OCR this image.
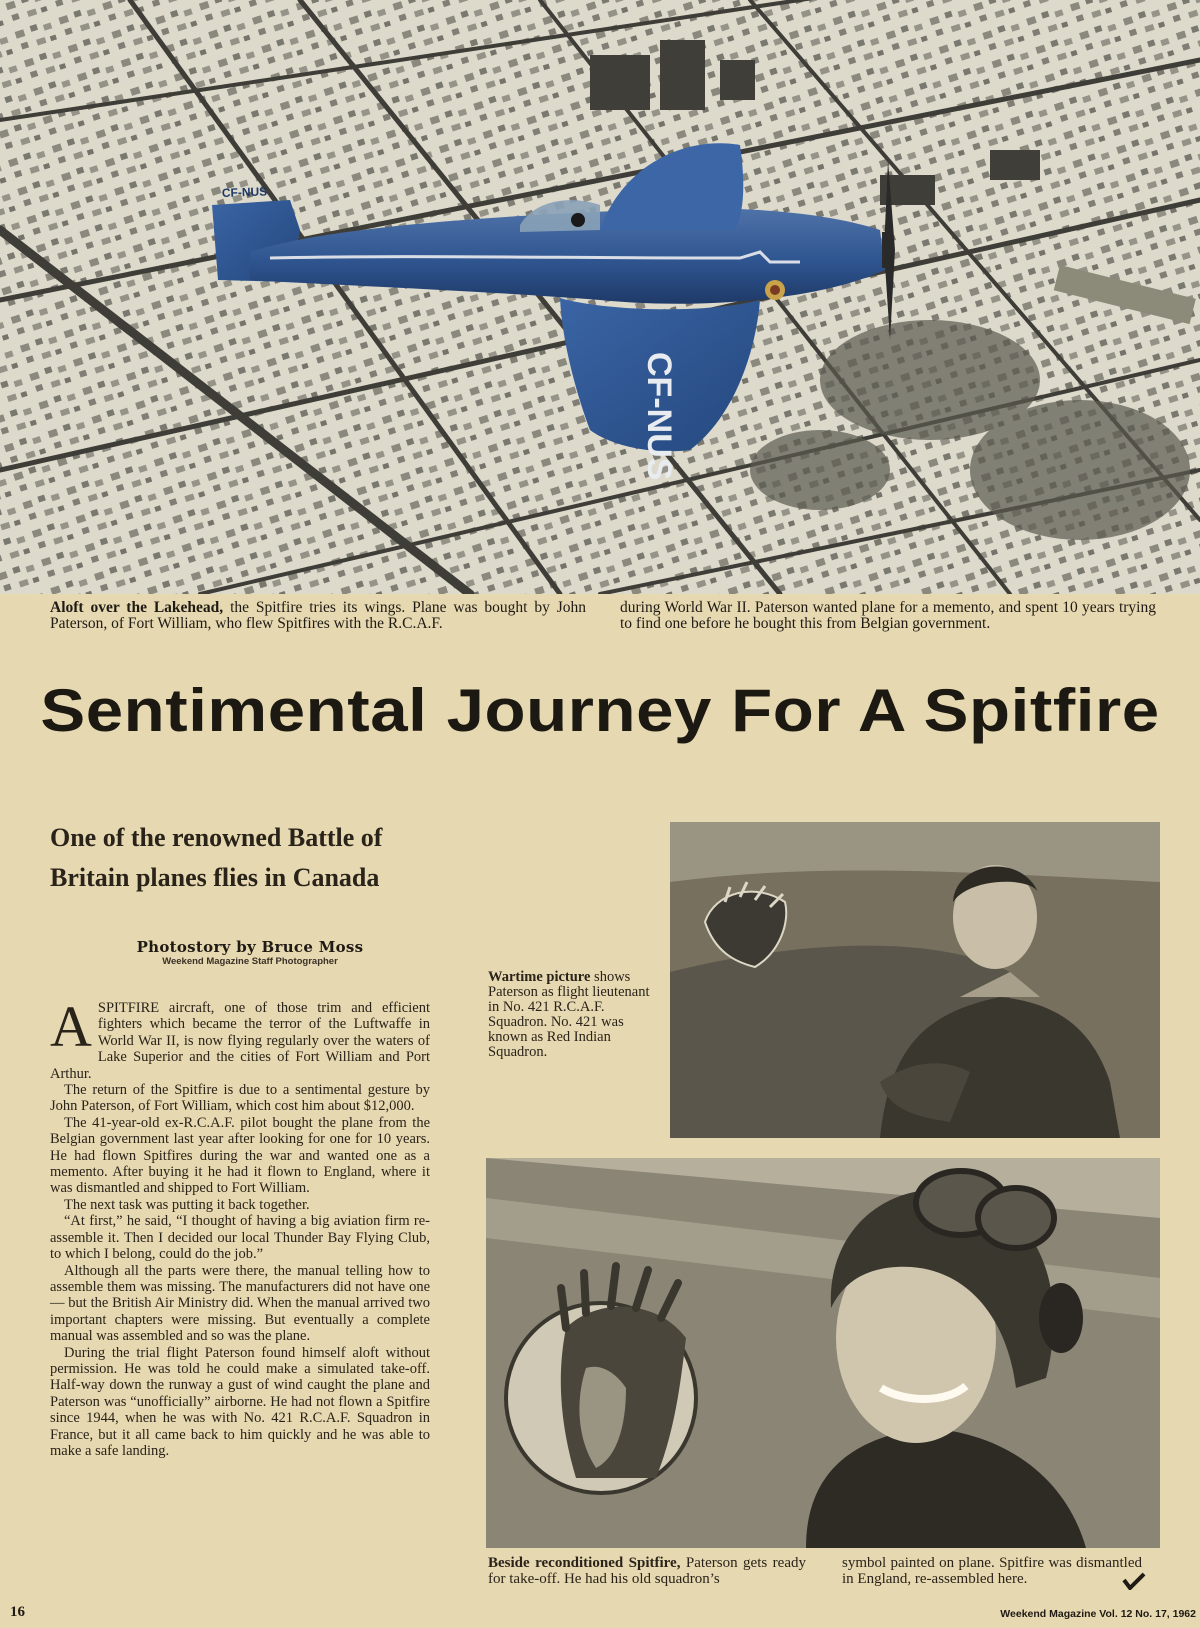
CF-NUS
CF-NUS
Aloft over the Lakehead, the Spitfire tries its wings. Plane was bought by John Paterson, of Fort William, who flew Spitfires with the R.C.A.F.
during World War II. Paterson wanted plane for a memento, and spent 10 years trying to find one before he bought this from Belgian government.
Sentimental Journey For A Spitfire
One of the renowned Battle of Britain planes flies in Canada
Photostory by Bruce Moss
Weekend Magazine Staff Photographer

ASPITFIRE aircraft, one of those trim and efficient fighters which became the terror of the Luftwaffe in World War II, is now flying regularly over the waters of Lake Superior and the cities of Fort William and Port Arthur.

The return of the Spitfire is due to a sentimental gesture by John Paterson, of Fort William, which cost him about $12,000.

The 41-year-old ex-R.C.A.F. pilot bought the plane from the Belgian government last year after looking for one for 10 years. He had flown Spitfires during the war and wanted one as a memento. After buying it he had it flown to England, where it was dismantled and shipped to Fort William.

The next task was putting it back together.

“At first,” he said, “I thought of having a big aviation firm re-assemble it. Then I decided our local Thunder Bay Flying Club, to which I belong, could do the job.”

Although all the parts were there, the manual telling how to assemble them was missing. The manufacturers did not have one — but the British Air Ministry did. When the manual arrived two important chapters were missing. But eventually a complete manual was assembled and so was the plane.

During the trial flight Paterson found himself aloft without permission. He was told he could make a simulated take-off. Half-way down the runway a gust of wind caught the plane and Paterson was “unofficially” airborne. He had not flown a Spitfire since 1944, when he was with No. 421 R.C.A.F. Squadron in France, but it all came back to him quickly and he was able to make a safe landing.

Wartime picture shows Paterson as flight lieutenant in No. 421 R.C.A.F. Squadron. No. 421 was known as Red Indian Squadron.
Beside reconditioned Spitfire, Paterson gets ready for take-off. He had his old squadron’s
symbol painted on plane. Spitfire was dismantled in England, re-assembled here.
16	Weekend Magazine Vol. 12 No. 17, 1962
